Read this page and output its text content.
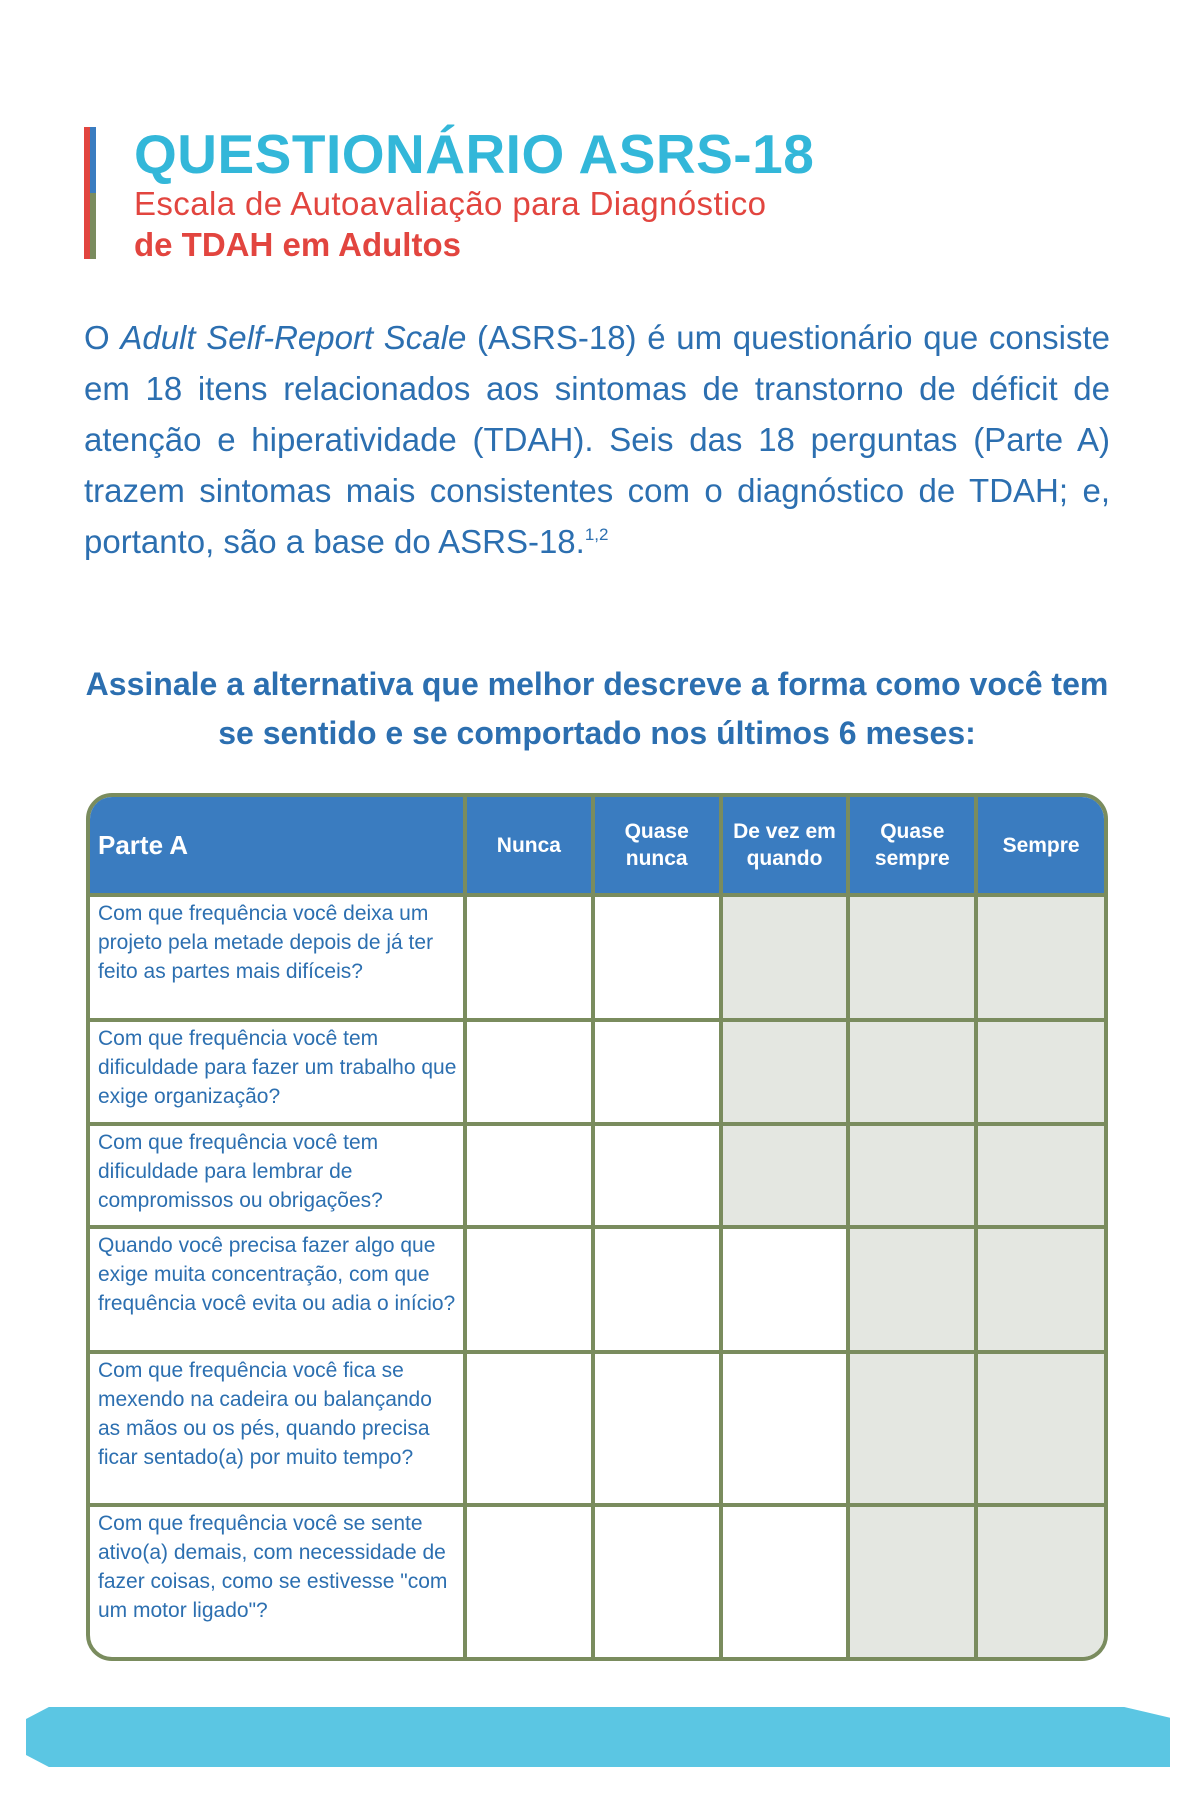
QUESTIONÁRIO ASRS-18
Escala de Autoavaliação para Diagnóstico
de TDAH em Adultos
O Adult Self-Report Scale (ASRS-18) é um questionário que consiste em 18 itens relacionados aos sintomas de transtorno de déficit de atenção e hiperatividade (TDAH). Seis das 18 perguntas (Parte A) trazem sintomas mais consistentes com o diagnóstico de TDAH; e, portanto, são a base do ASRS-18.$^{1,2}$
Assinale a alternativa que melhor descreve a forma como você tem se sentido e se comportado nos últimos 6 meses:
Parte A	Nunca	Quase nunca	De vez em quando	Quase sempre	Sempre
Com que frequência você deixa um projeto pela metade depois de já ter feito as partes mais difíceis?					
Com que frequência você tem dificuldade para fazer um trabalho que exige organização?					
Com que frequência você tem dificuldade para lembrar de compromissos ou obrigações?					
Quando você precisa fazer algo que exige muita concentração, com que frequência você evita ou adia o início?					
Com que frequência você fica se mexendo na cadeira ou balançando as mãos ou os pés, quando precisa ficar sentado(a) por muito tempo?					
Com que frequência você se sente ativo(a) demais, com necessidade de fazer coisas, como se estivesse "com um motor ligado"?					
